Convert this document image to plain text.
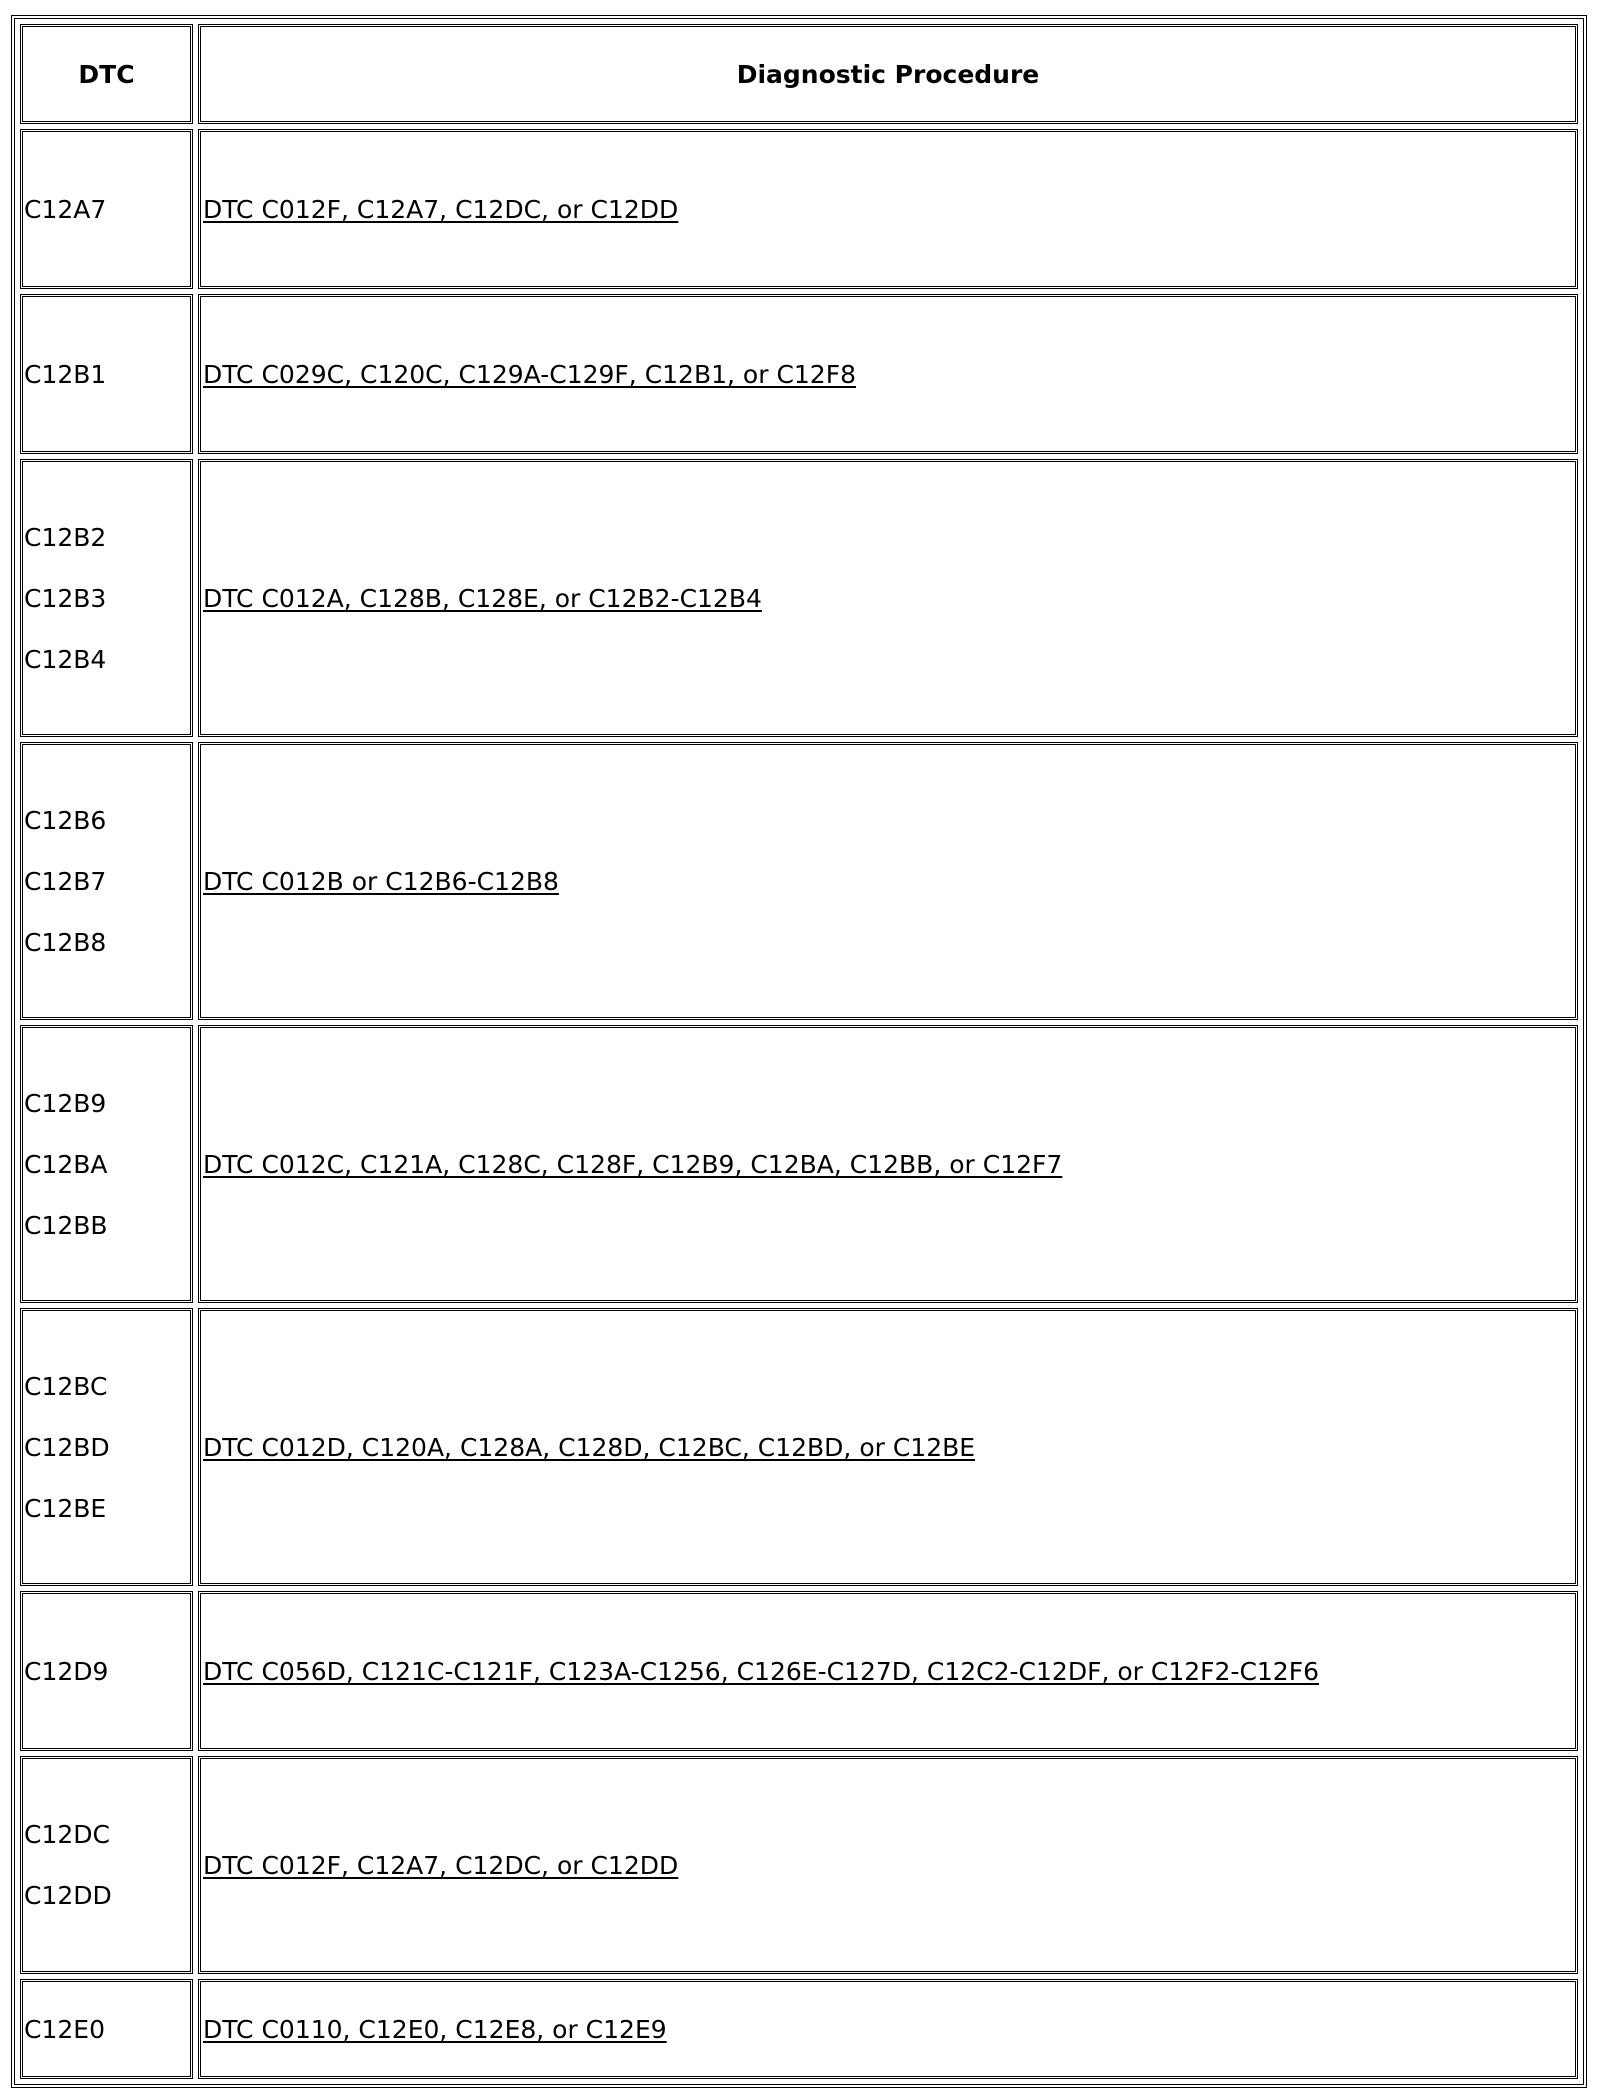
DTC	Diagnostic Procedure

C12A7	DTC C012F, C12A7, C12DC, or C12DD

C12B1	DTC C029C, C120C, C129A-C129F, C12B1, or C12F8

C12B2
C12B3
C12B4	DTC C012A, C128B, C128E, or C12B2-C12B4

C12B6
C12B7
C12B8	DTC C012B or C12B6-C12B8

C12B9
C12BA
C12BB	DTC C012C, C121A, C128C, C128F, C12B9, C12BA, C12BB, or C12F7

C12BC
C12BD
C12BE	DTC C012D, C120A, C128A, C128D, C12BC, C12BD, or C12BE

C12D9	DTC C056D, C121C-C121F, C123A-C1256, C126E-C127D, C12C2-C12DF, or C12F2-C12F6

C12DC
C12DD	DTC C012F, C12A7, C12DC, or C12DD

C12E0	DTC C0110, C12E0, C12E8, or C12E9
